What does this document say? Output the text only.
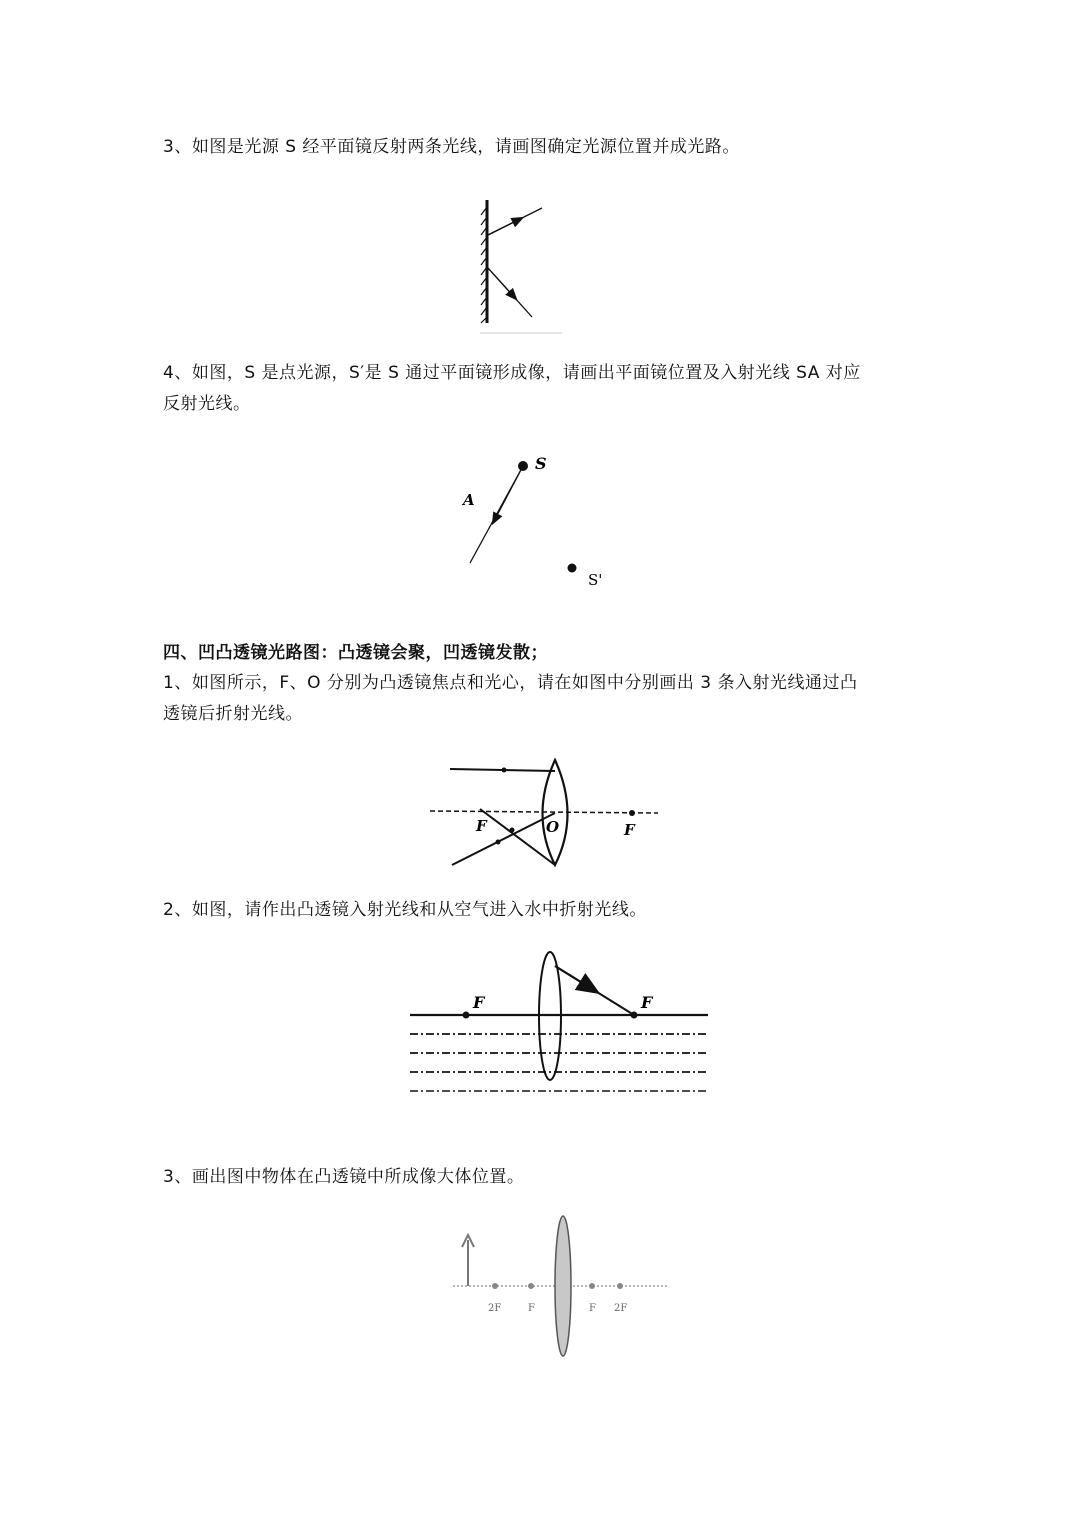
3、如图是光源 S 经平面镜反射两条光线，请画图确定光源位置并成光路。
4、如图，S 是点光源，S′是 S 通过平面镜形成像，请画出平面镜位置及入射光线 SA 对应
反射光线。
S
A
S'
四、凹凸透镜光路图：凸透镜会聚，凹透镜发散；
1、如图所示，F、O 分别为凸透镜焦点和光心，请在如图中分别画出 3 条入射光线通过凸
透镜后折射光线。
F	O	F
2、如图，请作出凸透镜入射光线和从空气进入水中折射光线。
F	F
3、画出图中物体在凸透镜中所成像大体位置。
2F	F	F 2F
